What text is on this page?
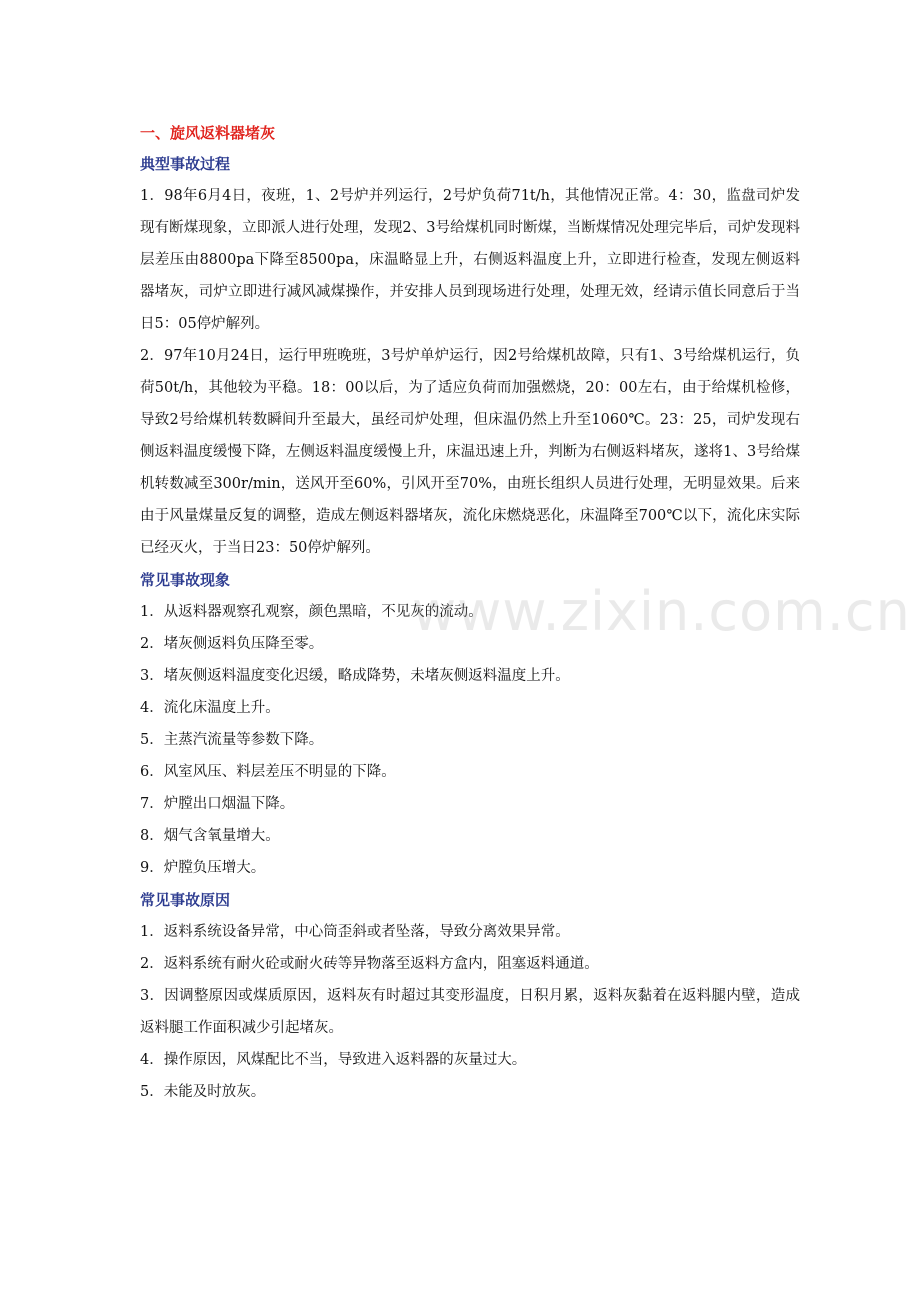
一、旋风返料器堵灰
典型事故过程

1．98年6月4日，夜班，1、2号炉并列运行，2号炉负荷71t/h，其他情况正常。4：30，监盘司炉发现有断煤现象，立即派人进行处理，发现2、3号给煤机同时断煤，当断煤情况处理完毕后，司炉发现料层差压由8800pa下降至8500pa，床温略显上升，右侧返料温度上升，立即进行检查，发现左侧返料器堵灰，司炉立即进行减风减煤操作，并安排人员到现场进行处理，处理无效，经请示值长同意后于当日5：05停炉解列。

2．97年10月24日，运行甲班晚班，3号炉单炉运行，因2号给煤机故障，只有1、3号给煤机运行，负荷50t/h，其他较为平稳。18：00以后，为了适应负荷而加强燃烧，20：00左右，由于给煤机检修，导致2号给煤机转数瞬间升至最大，虽经司炉处理，但床温仍然上升至1060℃。23：25，司炉发现右侧返料温度缓慢下降，左侧返料温度缓慢上升，床温迅速上升，判断为右侧返料堵灰，遂将1、3号给煤机转数减至300r/min，送风开至60%，引风开至70%，由班长组织人员进行处理，无明显效果。后来由于风量煤量反复的调整，造成左侧返料器堵灰，流化床燃烧恶化，床温降至700℃以下，流化床实际已经灭火，于当日23：50停炉解列。

常见事故现象

1．从返料器观察孔观察，颜色黑暗，不见灰的流动。

2．堵灰侧返料负压降至零。

3．堵灰侧返料温度变化迟缓，略成降势，未堵灰侧返料温度上升。

4．流化床温度上升。

5．主蒸汽流量等参数下降。

6．风室风压、料层差压不明显的下降。

7．炉膛出口烟温下降。

8．烟气含氧量增大。

9．炉膛负压增大。

常见事故原因

1．返料系统设备异常，中心筒歪斜或者坠落，导致分离效果异常。

2．返料系统有耐火砼或耐火砖等异物落至返料方盒内，阻塞返料通道。

3．因调整原因或煤质原因，返料灰有时超过其变形温度，日积月累，返料灰黏着在返料腿内壁，造成返料腿工作面积减少引起堵灰。

4．操作原因，风煤配比不当，导致进入返料器的灰量过大。

5．未能及时放灰。

www.zixin.com.cn
